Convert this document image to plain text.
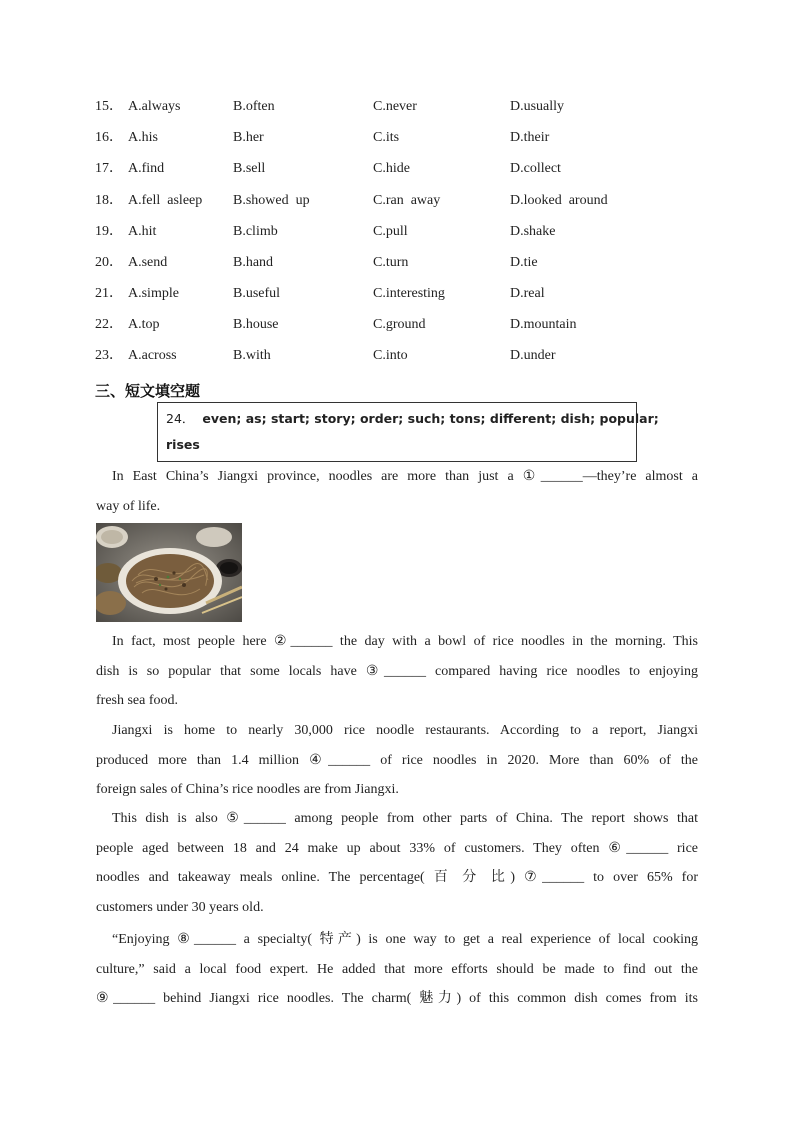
15． A.always	B.often	C.never	D.usually
16． A.his	B.her	C.its	D.their
17． A.find	B.sell	C.hide	D.collect
18． A.fell  asleep B.showed  up	C.ran  away	D.looked  around
19． A.hit	B.climb	C.pull	D.shake
20． A.send	B.hand	C.turn	D.tie
21． A.simple	B.useful	C.interesting	D.real
22． A.top	B.house	C.ground	D.mountain
23． A.across	B.with	C.into	D.under
三、短文填空题
24． even; as; start; story; order; such; tons; different; dish; popular;
rises
In East China’s Jiangxi province, noodles are more than just a ①______—they’re almost a
way of life.
In fact, most people here ②______ the day with a bowl of rice noodles in the morning. This
dish is so popular that some locals have ③______ compared having rice noodles to enjoying
fresh sea food.
Jiangxi is home to nearly 30,000 rice noodle restaurants. According to a report, Jiangxi
produced more than 1.4 million ④______ of rice noodles in 2020. More than 60% of the
foreign sales of China’s rice noodles are from Jiangxi.
This dish is also ⑤______ among people from other parts of China. The report shows that
people aged between 18 and 24 make up about 33% of customers. They often ⑥______ rice
noodles and takeaway meals online. The percentage( 百 分 比) ⑦______ to over 65% for
customers under 30 years old.
“Enjoying ⑧______ a specialty( 特产) is one way to get a real experience of local cooking
culture,” said a local food expert. He added that more efforts should be made to find out the
⑨______ behind Jiangxi rice noodles. The charm( 魅力) of this common dish comes from its
